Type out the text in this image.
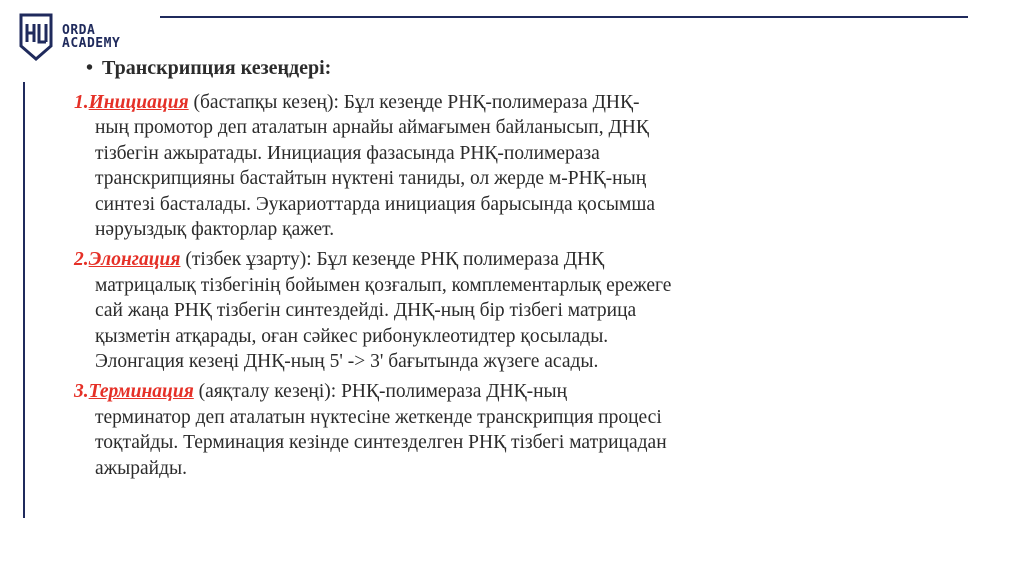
ORDA
ACADEMY
• Транскрипция кезеңдері:
1.Инициация (бастапқы кезең): Бұл кезеңде РНҚ-полимераза ДНҚ-
ның промотор деп аталатын арнайы аймағымен байланысып, ДНҚ
тізбегін ажыратады. Инициация фазасында РНҚ-полимераза
транскрипцияны бастайтын нүктені таниды, ол жерде м-РНҚ-ның
синтезі басталады. Эукариоттарда инициация барысында қосымша
нәруыздық факторлар қажет.
2.Элонгация (тізбек ұзарту): Бұл кезеңде РНҚ полимераза ДНҚ
матрицалық тізбегінің бойымен қозғалып, комплементарлық ережеге
сай жаңа РНҚ тізбегін синтездейді. ДНҚ-ның бір тізбегі матрица
қызметін атқарады, оған сәйкес рибонуклеотидтер қосылады.
Элонгация кезеңі ДНҚ-ның 5' -> 3' бағытында жүзеге асады.
3.Терминация (аяқталу кезеңі): РНҚ-полимераза ДНҚ-ның
терминатор деп аталатын нүктесіне жеткенде транскрипция процесі
тоқтайды. Терминация кезінде синтезделген РНҚ тізбегі матрицадан
ажырайды.
